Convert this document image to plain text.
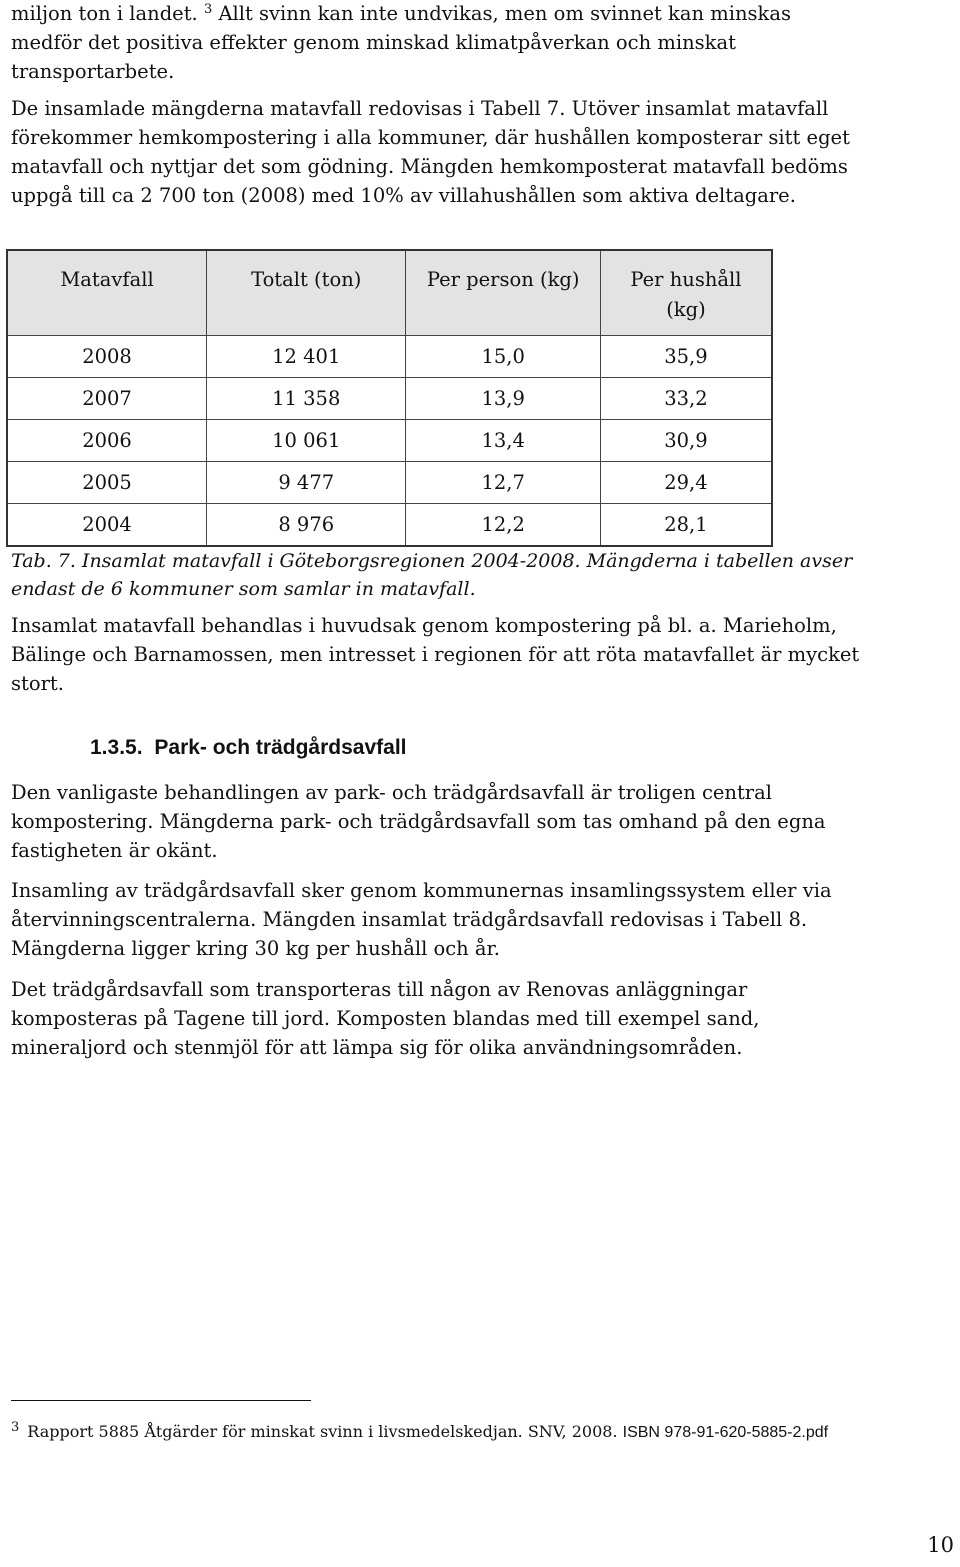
miljon ton i landet. $^3$ Allt svinn kan inte undvikas, men om svinnet kan minskas
medför det positiva effekter genom minskad klimatpåverkan och minskat
transportarbete.

De insamlade mängderna matavfall redovisas i Tabell 7. Utöver insamlat matavfall
förekommer hemkompostering i alla kommuner, där hushållen komposterar sitt eget
matavfall och nyttjar det som gödning. Mängden hemkomposterat matavfall bedöms
uppgå till ca 2 700 ton (2008) med 10% av villahushållen som aktiva deltagare.

Matavfall	Totalt (ton)	Per person (kg)	Per hushåll
(kg)
2008	12 401	15,0	35,9
2007	11 358	13,9	33,2
2006	10 061	13,4	30,9
2005	9 477	12,7	29,4
2004	8 976	12,2	28,1
Tab. 7. Insamlat matavfall i Göteborgsregionen 2004-2008. Mängderna i tabellen avser
endast de 6 kommuner som samlar in matavfall.

Insamlat matavfall behandlas i huvudsak genom kompostering på bl. a. Marieholm,
Bälinge och Barnamossen, men intresset i regionen för att röta matavfallet är mycket
stort.

1.3.5. Park- och trädgårdsavfall

Den vanligaste behandlingen av park- och trädgårdsavfall är troligen central
kompostering. Mängderna park- och trädgårdsavfall som tas omhand på den egna
fastigheten är okänt.

Insamling av trädgårdsavfall sker genom kommunernas insamlingssystem eller via
återvinningscentralerna. Mängden insamlat trädgårdsavfall redovisas i Tabell 8.
Mängderna ligger kring 30 kg per hushåll och år.

Det trädgårdsavfall som transporteras till någon av Renovas anläggningar
komposteras på Tagene till jord. Komposten blandas med till exempel sand,
mineraljord och stenmjöl för att lämpa sig för olika användningsområden.

$^3$ Rapport 5885 Åtgärder för minskat svinn i livsmedelskedjan. SNV, 2008. ISBN 978-91-620-5885-2.pdf
10
